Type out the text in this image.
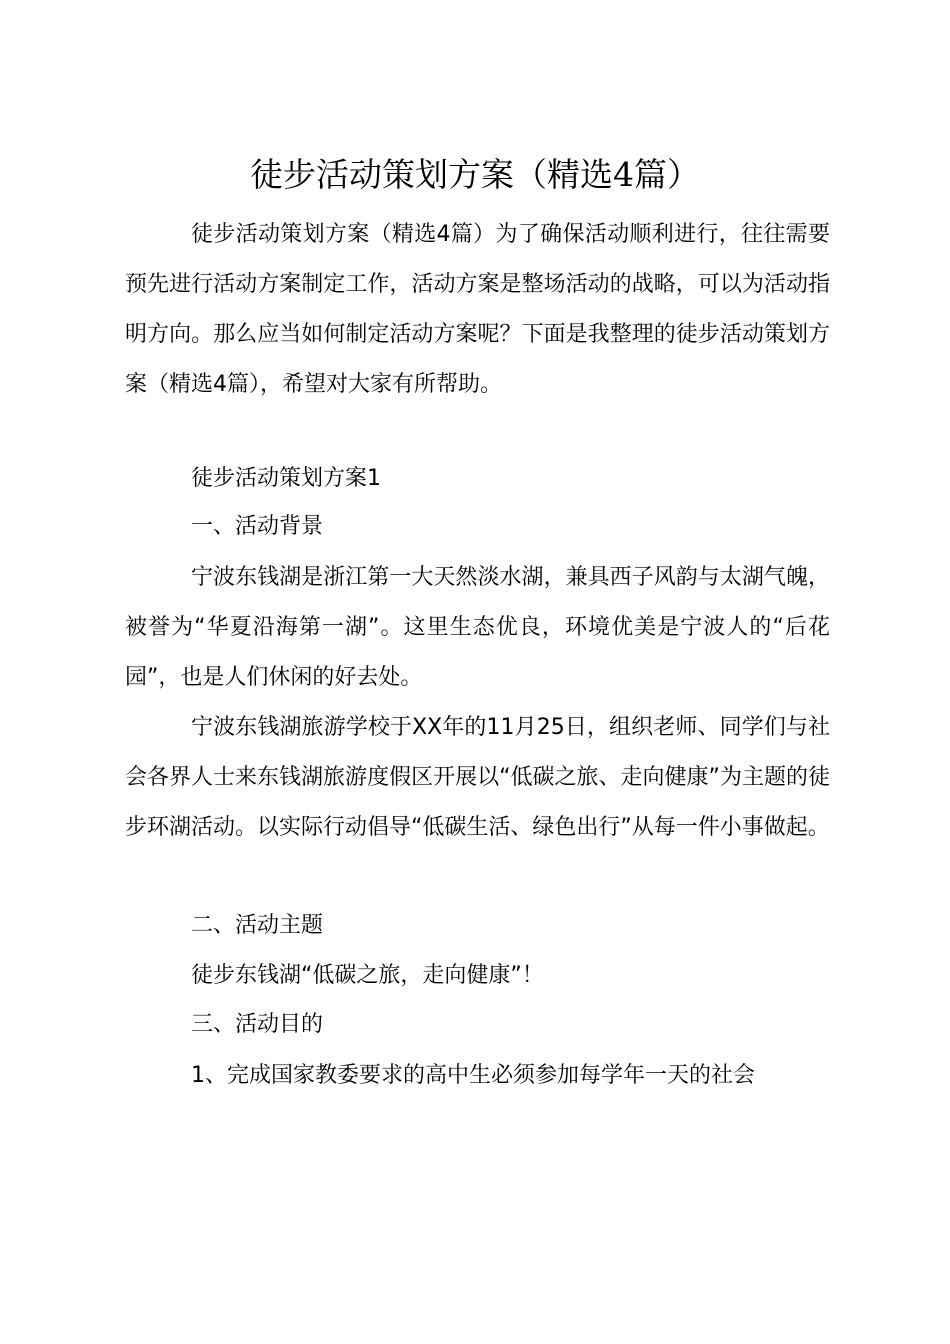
徒步活动策划方案（精选4篇）
徒步活动策划方案（精选4篇）为了确保活动顺利进行，往往需要预先进行活动方案制定工作，活动方案是整场活动的战略，可以为活动指明方向。那么应当如何制定活动方案呢？下面是我整理的徒步活动策划方案（精选4篇），希望对大家有所帮助。
徒步活动策划方案1
一、活动背景
宁波东钱湖是浙江第一大天然淡水湖，兼具西子风韵与太湖气魄，被誉为“华夏沿海第一湖”。这里生态优良，环境优美是宁波人的“后花园”，也是人们休闲的好去处。
宁波东钱湖旅游学校于XX年的11月25日，组织老师、同学们与社会各界人士来东钱湖旅游度假区开展以“低碳之旅、走向健康”为主题的徒步环湖活动。以实际行动倡导“低碳生活、绿色出行”从每一件小事做起。
二、活动主题
徒步东钱湖“低碳之旅，走向健康”！
三、活动目的
1、完成国家教委要求的高中生必须参加每学年一天的社会
